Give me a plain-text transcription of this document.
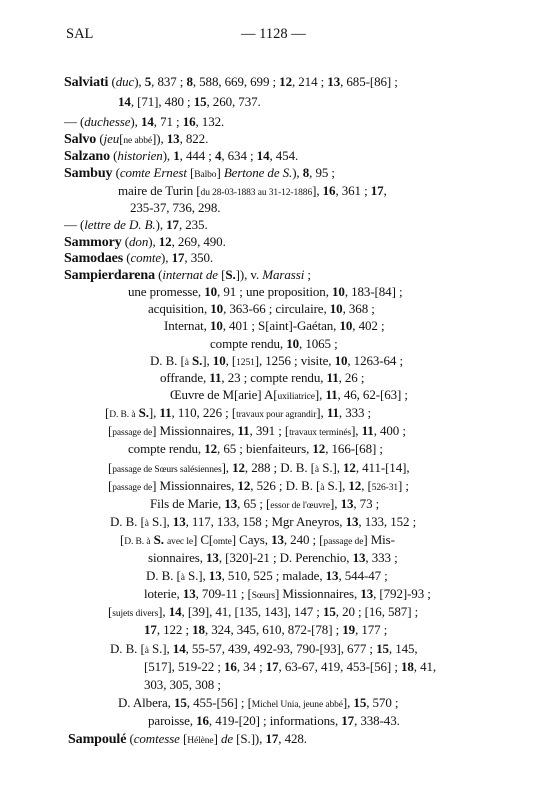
SAL	— 1128 —
Salviati (duc), 5, 837 ; 8, 588, 669, 699 ; 12, 214 ; 13, 685-[86] ;
14, [71], 480 ; 15, 260, 737.
— (duchesse), 14, 71 ; 16, 132.
Salvo (jeu[ne abbé]), 13, 822.
Salzano (historien), 1, 444 ; 4, 634 ; 14, 454.
Sambuy (comte Ernest [Balbo] Bertone de S.), 8, 95 ;
maire de Turin [du 28-03-1883 au 31-12-1886], 16, 361 ; 17,
235-37, 736, 298.
— (lettre de D. B.), 17, 235.
Sammory (don), 12, 269, 490.
Samodaes (comte), 17, 350.
Sampierdarena (internat de [S.]), v. Marassi ;
une promesse, 10, 91 ; une proposition, 10, 183-[84] ;
acquisition, 10, 363-66 ; circulaire, 10, 368 ;
Internat, 10, 401 ; S[aint]-Gaétan, 10, 402 ;
compte rendu, 10, 1065 ;
D. B. [à S.], 10, [1251], 1256 ; visite, 10, 1263-64 ;
offrande, 11, 23 ; compte rendu, 11, 26 ;
Œuvre de M[arie] A[uxiliatrice], 11, 46, 62-[63] ;
[D. B. à S.], 11, 110, 226 ; [travaux pour agrandir], 11, 333 ;
[passage de] Missionnaires, 11, 391 ; [travaux terminés], 11, 400 ;
compte rendu, 12, 65 ; bienfaiteurs, 12, 166-[68] ;
[passage de Sœurs salésiennes], 12, 288 ; D. B. [à S.], 12, 411-[14],
[passage de] Missionnaires, 12, 526 ; D. B. [à S.], 12, [526-31] ;
Fils de Marie, 13, 65 ; [essor de l'œuvre], 13, 73 ;
D. B. [à S.], 13, 117, 133, 158 ; Mgr Aneyros, 13, 133, 152 ;
[D. B. à S. avec le] C[omte] Cays, 13, 240 ; [passage de] Mis-
sionnaires, 13, [320]-21 ; D. Perenchio, 13, 333 ;
D. B. [à S.], 13, 510, 525 ; malade, 13, 544-47 ;
loterie, 13, 709-11 ; [Sœurs] Missionnaires, 13, [792]-93 ;
[sujets divers], 14, [39], 41, [135, 143], 147 ; 15, 20 ; [16, 587] ;
17, 122 ; 18, 324, 345, 610, 872-[78] ; 19, 177 ;
D. B. [à S.], 14, 55-57, 439, 492-93, 790-[93], 677 ; 15, 145,
[517], 519-22 ; 16, 34 ; 17, 63-67, 419, 453-[56] ; 18, 41,
303, 305, 308 ;
D. Albera, 15, 455-[56] ; [Michel Unia, jeune abbé], 15, 570 ;
paroisse, 16, 419-[20] ; informations, 17, 338-43.
Sampoulé (comtesse [Hélène] de [S.]), 17, 428.
